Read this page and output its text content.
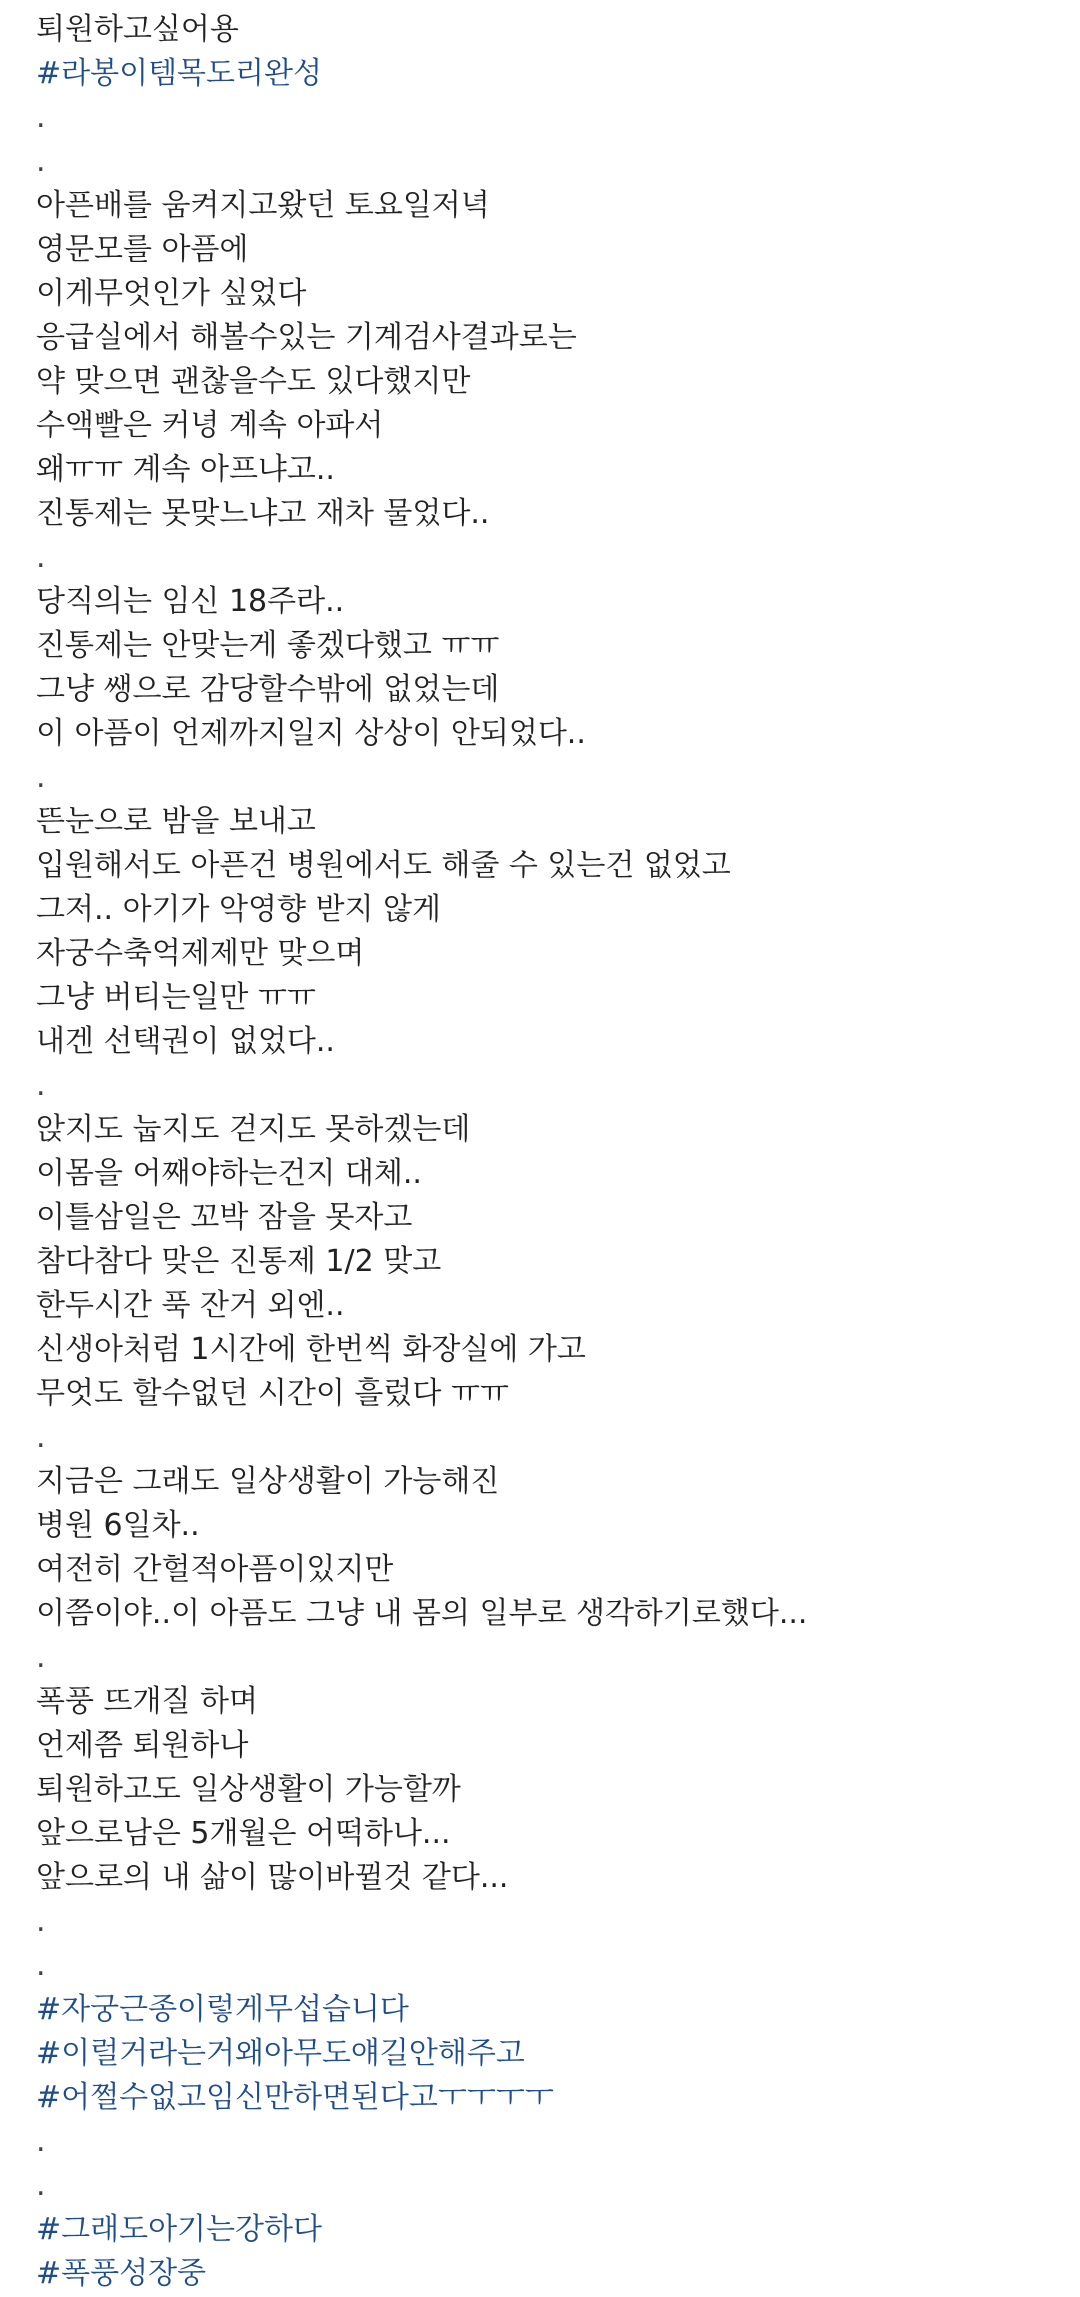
퇴원하고싶어용
#라봉이템목도리완성
.
.
아픈배를 움켜지고왔던 토요일저녁
영문모를 아픔에
이게무엇인가 싶었다
응급실에서 해볼수있는 기계검사결과로는
약 맞으면 괜찮을수도 있다했지만
수액빨은 커녕 계속 아파서
왜ㅠㅠ 계속 아프냐고..
진통제는 못맞느냐고 재차 물었다..
.
당직의는 임신 18주라..
진통제는 안맞는게 좋겠다했고 ㅠㅠ
그냥 쌩으로 감당할수밖에 없었는데
이 아픔이 언제까지일지 상상이 안되었다..
.
뜬눈으로 밤을 보내고
입원해서도 아픈건 병원에서도 해줄 수 있는건 없었고
그저.. 아기가 악영향 받지 않게
자궁수축억제제만 맞으며
그냥 버티는일만 ㅠㅠ
내겐 선택권이 없었다..
.
앉지도 눕지도 걷지도 못하겠는데
이몸을 어째야하는건지 대체..
이틀삼일은 꼬박 잠을 못자고
참다참다 맞은 진통제 1/2 맞고
한두시간 푹 잔거 외엔..
신생아처럼 1시간에 한번씩 화장실에 가고
무엇도 할수없던 시간이 흘렀다 ㅠㅠ
.
지금은 그래도 일상생활이 가능해진
병원 6일차..
여전히 간헐적아픔이있지만
이쯤이야..이 아픔도 그냥 내 몸의 일부로 생각하기로했다...
.
폭풍 뜨개질 하며
언제쯤 퇴원하나
퇴원하고도 일상생활이 가능할까
앞으로남은 5개월은 어떡하나...
앞으로의 내 삶이 많이바뀔것 같다...
.
.
#자궁근종이렇게무섭습니다
#이럴거라는거왜아무도얘길안해주고
#어쩔수없고임신만하면된다고ㅜㅜㅜㅜ
.
.
#그래도아기는강하다
#폭풍성장중
